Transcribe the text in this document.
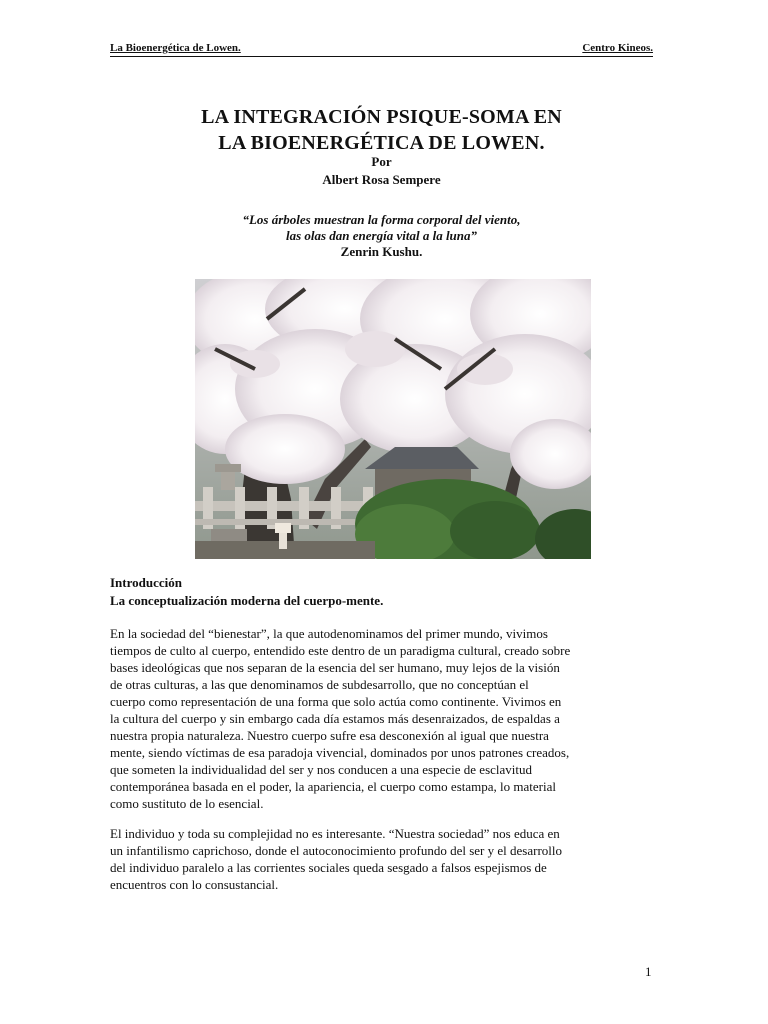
La Bioenergética de Lowen.	Centro Kineos.
LA INTEGRACIÓN PSIQUE-SOMA EN
LA BIOENERGÉTICA DE LOWEN.
Por
Albert Rosa Sempere
“Los árboles muestran la forma corporal del viento,
las olas dan energía vital a la luna”
Zenrin Kushu.
Introducción
La conceptualización moderna del cuerpo-mente.
En la sociedad del “bienestar”, la que autodenominamos del primer mundo, vivimos
tiempos de culto al cuerpo, entendido este dentro de un paradigma cultural, creado sobre
bases ideológicas que nos separan de la esencia del ser humano, muy lejos de la visión
de otras culturas, a las que denominamos de subdesarrollo, que no conceptúan el
cuerpo como representación de una forma que solo actúa como continente. Vivimos en
la cultura del cuerpo y sin embargo cada día estamos más desenraizados, de espaldas a
nuestra propia naturaleza. Nuestro cuerpo sufre esa desconexión al igual que nuestra
mente, siendo víctimas de esa paradoja vivencial, dominados por unos patrones creados,
que someten la individualidad del ser y nos conducen a una especie de esclavitud
contemporánea basada en el poder, la apariencia, el cuerpo como estampa, lo material
como sustituto de lo esencial.
El individuo y toda su complejidad no es interesante. “Nuestra sociedad” nos educa en
un infantilismo caprichoso, donde el autoconocimiento profundo del ser y el desarrollo
del individuo paralelo a las corrientes sociales queda sesgado a falsos espejismos de
encuentros con lo consustancial.
1
